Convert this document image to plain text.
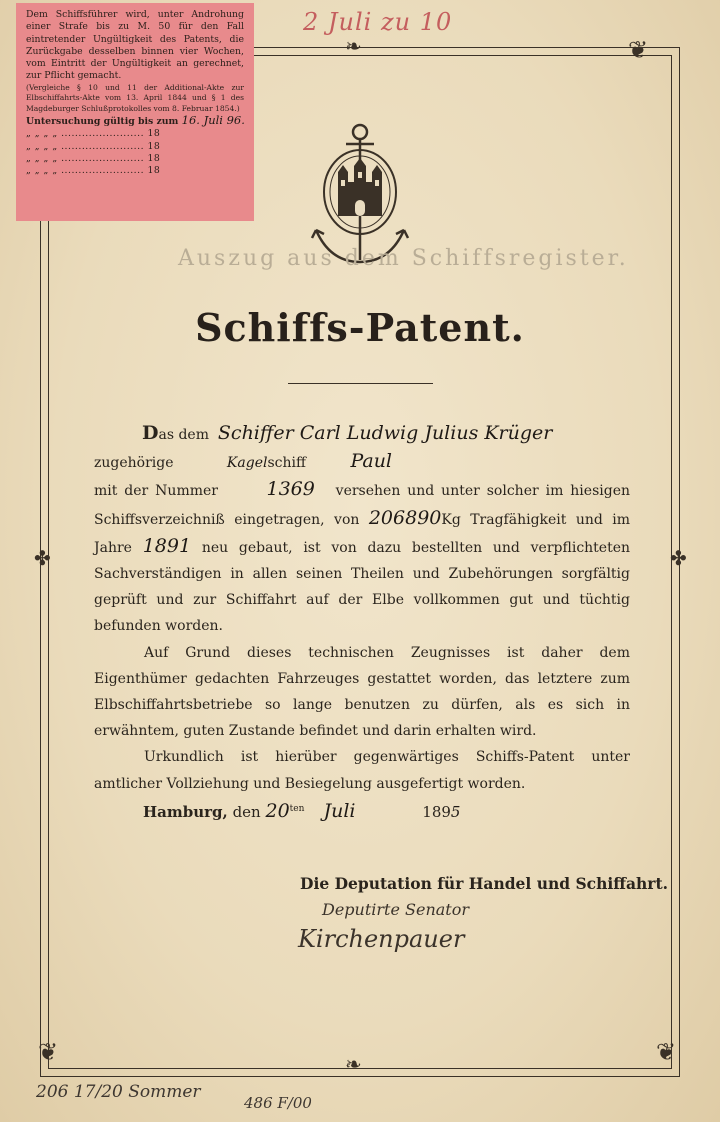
❦
❦	❦
❧
❧
✤	✤
Dem Schiffsführer wird, unter Androhung einer Strafe bis zu M. 50 für den Fall eintretender Ungültigkeit des Patents, die Zurückgabe desselben binnen vier Wochen, vom Eintritt der Ungültigkeit an gerechnet, zur Pflicht gemacht.
(Vergleiche § 10 und 11 der Additional-Akte zur Elbschiffahrts-Akte vom 13. April 1844 und § 1 des Magdeburger Schlußprotokolles vom 8. Februar 1854.)
Untersuchung gültig bis zum 16. Juli 96.
„ „ „ „ ........................ 18
„ „ „ „ ........................ 18
„ „ „ „ ........................ 18
„ „ „ „ ........................ 18
2 Juli zu 10
Auszug aus dem Schiffsregister.
Schiffs-Patent.

Das dem Schiffer Carl Ludwig Julius Krüger
zugehörige	Kagelschiff Paul
mit der Nummer	1369 versehen und unter solcher im hiesigen Schiffsverzeichniß eingetragen, von 206890Kg Tragfähigkeit und im Jahre 1891 neu gebaut, ist von dazu bestellten und verpflichteten Sachverständigen in allen seinen Theilen und Zubehörungen sorgfältig geprüft und zur Schiffahrt auf der Elbe vollkommen gut und tüchtig befunden worden.

Auf Grund dieses technischen Zeugnisses ist daher dem Eigenthümer gedachten Fahrzeuges gestattet worden, das letztere zum Elbschiffahrtsbetriebe so lange benutzen zu dürfen, als es sich in erwähntem, guten Zustande befindet und darin erhalten wird.

Urkundlich ist hierüber gegenwärtiges Schiffs-Patent unter amtlicher Vollziehung und Besiegelung ausgefertigt worden.

Hamburg, den $20^{ten}$ Juli	1895
Die Deputation für Handel und Schiffahrt.
Deputirte Senator
Kirchenpauer
206 17/20 Sommer
486 F/00
